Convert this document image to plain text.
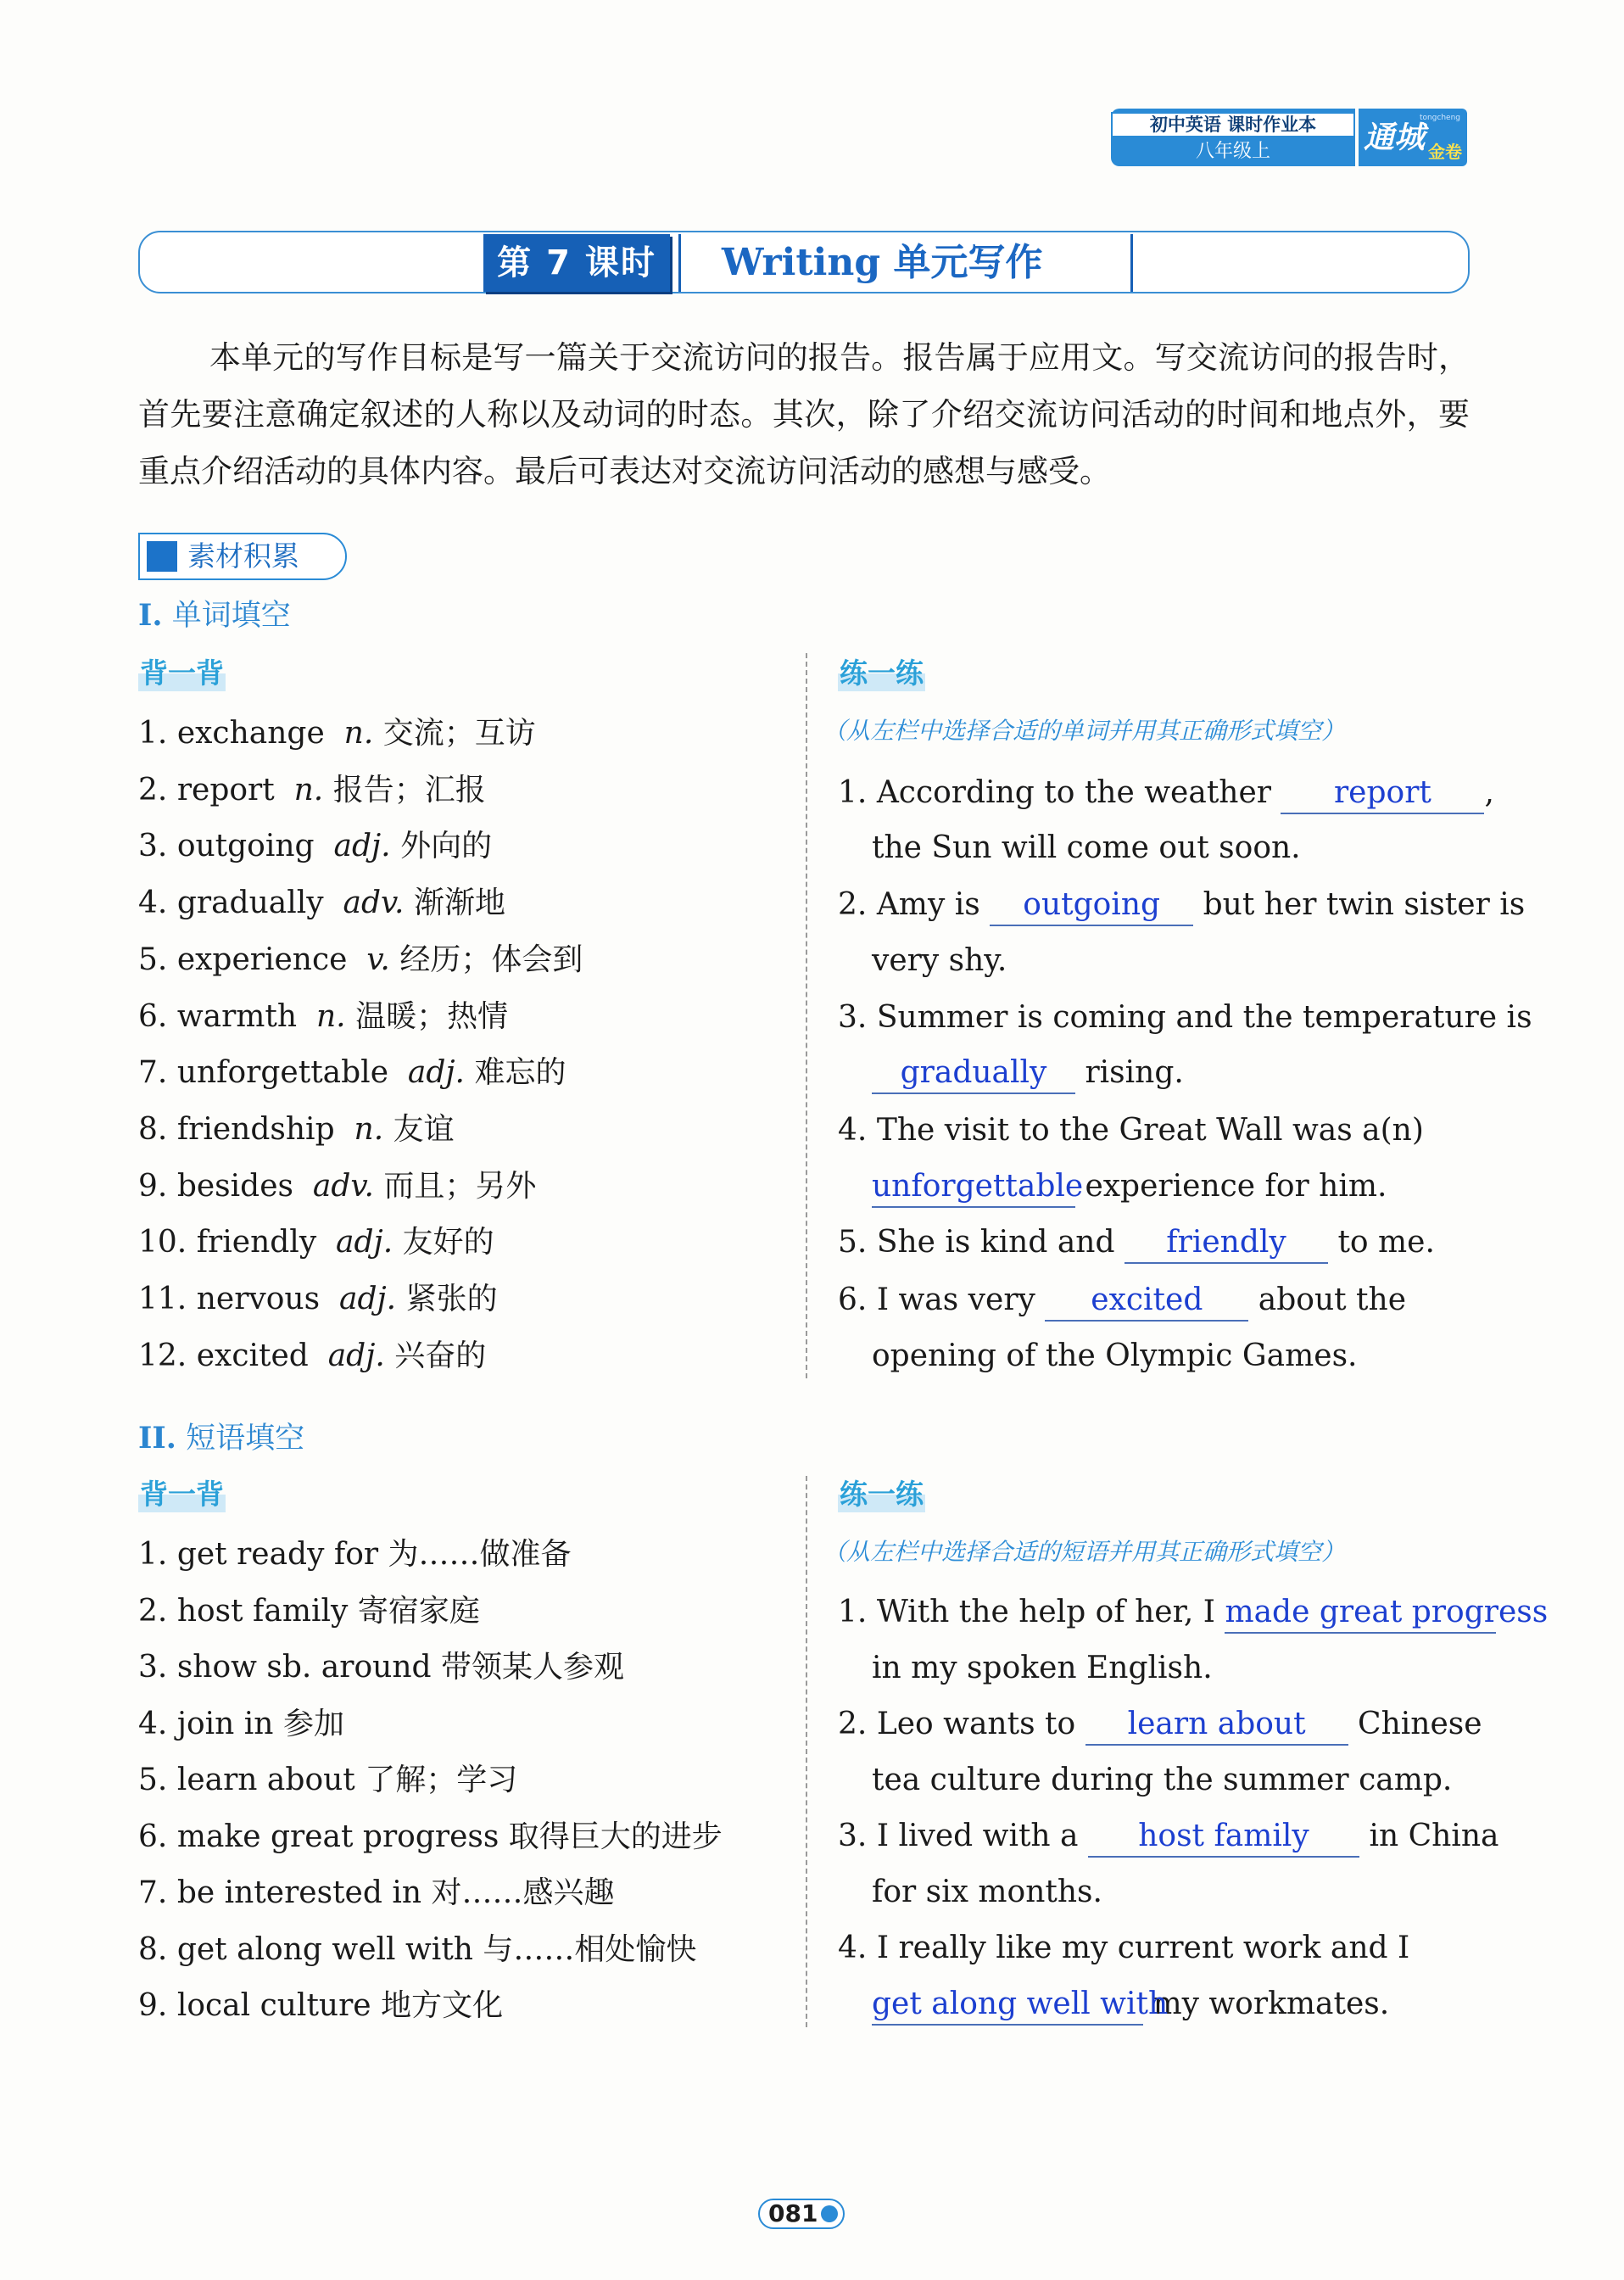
初中英语 课时作业本
八年级上
tongcheng
通城 金卷
第 7 课时	Writing 单元写作
本单元的写作目标是写一篇关于交流访问的报告。报告属于应用文。写交流访问的报告时，首先要注意确定叙述的人称以及动词的时态。其次，除了介绍交流访问活动的时间和地点外，要重点介绍活动的具体内容。最后可表达对交流访问活动的感想与感受。
素材积累
I. 单词填空
背一背	练一练
（从左栏中选择合适的单词并用其正确形式填空）
1. exchange n. 交流；互访
2. report n. 报告；汇报
3. outgoing adj. 外向的
4. gradually adv. 渐渐地
5. experience v. 经历；体会到
6. warmth n. 温暖；热情
7. unforgettable adj. 难忘的
8. friendship n. 友谊
9. besides adv. 而且；另外
10. friendly adj. 友好的
11. nervous adj. 紧张的
12. excited adj. 兴奋的
1. According to the weather report ,
the Sun will come out soon.
2. Amy is outgoing but her twin sister is
very shy.
3. Summer is coming and the temperature is
gradually rising.
4. The visit to the Great Wall was a(n)
unforgettable experience for him.
5. She is kind and friendly to me.
6. I was very excited about the
opening of the Olympic Games.
II. 短语填空
背一背	练一练
（从左栏中选择合适的短语并用其正确形式填空）
1. get ready for 为……做准备
2. host family 寄宿家庭
3. show sb. around 带领某人参观
4. join in 参加
5. learn about 了解；学习
6. make great progress 取得巨大的进步
7. be interested in 对……感兴趣
8. get along well with 与……相处愉快
9. local culture 地方文化
1. With the help of her, I made great progress
in my spoken English.
2. Leo wants to learn about Chinese
tea culture during the summer camp.
3. I lived with a host family in China
for six months.
4. I really like my current work and I
get along well with my workmates.
081
